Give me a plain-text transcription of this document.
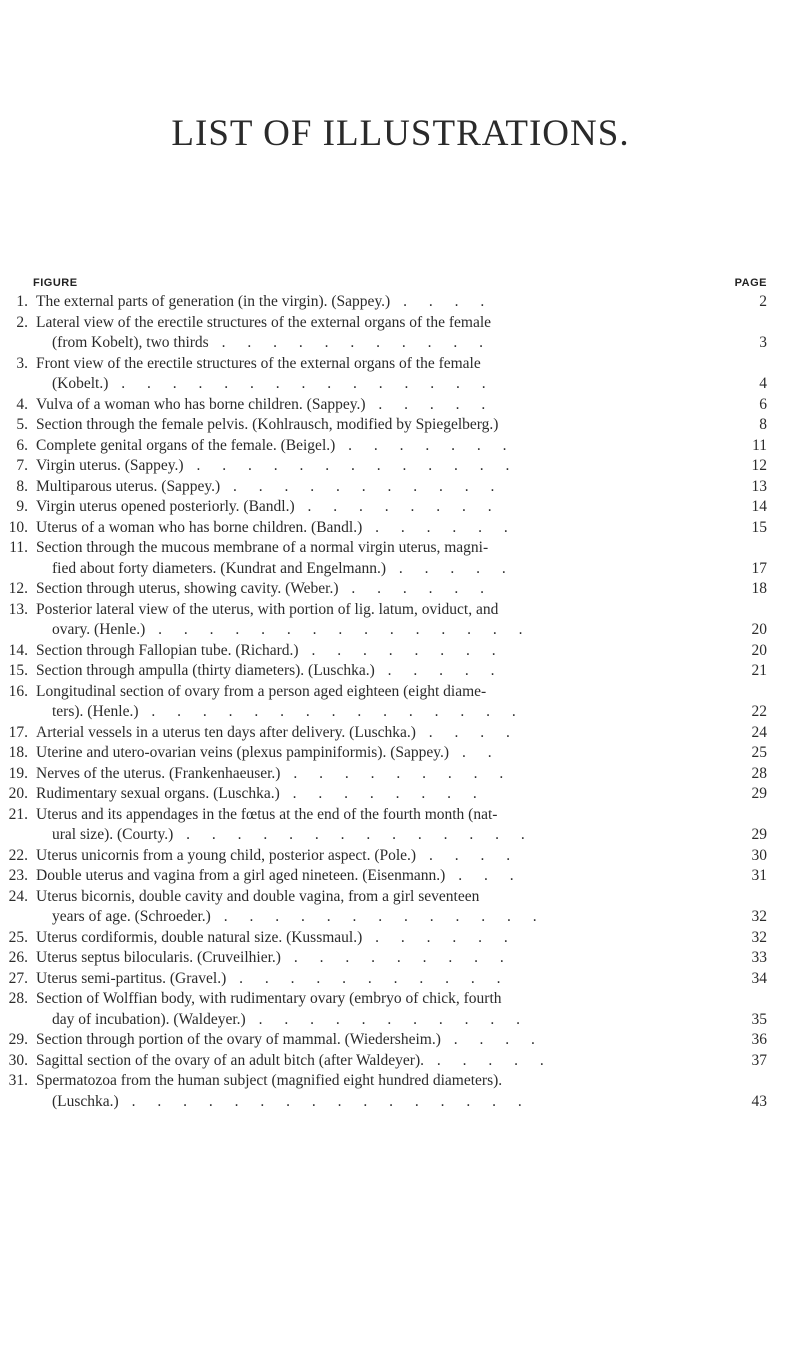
LIST OF ILLUSTRATIONS.
FIGURE	PAGE
1. The external parts of generation (in the virgin). (Sappey.) . . . .	2
2. Lateral view of the erectile structures of the external organs of the female
(from Kobelt), two thirds . . . . . . . . . . .	3
3. Front view of the erectile structures of the external organs of the female
(Kobelt.) . . . . . . . . . . . . . . .	4
4. Vulva of a woman who has borne children. (Sappey.) . . . . .	6
5. Section through the female pelvis. (Kohlrausch, modified by Spiegelberg.)	8
6. Complete genital organs of the female. (Beigel.) . . . . . . .	11
7. Virgin uterus. (Sappey.) . . . . . . . . . . . . .	12
8. Multiparous uterus. (Sappey.) . . . . . . . . . . .	13
9. Virgin uterus opened posteriorly. (Bandl.) . . . . . . . .	14
10. Uterus of a woman who has borne children. (Bandl.) . . . . . .	15
11. Section through the mucous membrane of a normal virgin uterus, magni-
fied about forty diameters. (Kundrat and Engelmann.) . . . . .	17
12. Section through uterus, showing cavity. (Weber.) . . . . . .	18
13. Posterior lateral view of the uterus, with portion of lig. latum, oviduct, and
ovary. (Henle.) . . . . . . . . . . . . . . .	20
14. Section through Fallopian tube. (Richard.) . . . . . . . .	20
15. Section through ampulla (thirty diameters). (Luschka.) . . . . .	21
16. Longitudinal section of ovary from a person aged eighteen (eight diame-
ters). (Henle.) . . . . . . . . . . . . . . .	22
17. Arterial vessels in a uterus ten days after delivery. (Luschka.) . . . .	24
18. Uterine and utero-ovarian veins (plexus pampiniformis). (Sappey.) . .	25
19. Nerves of the uterus. (Frankenhaeuser.) . . . . . . . . .	28
20. Rudimentary sexual organs. (Luschka.) . . . . . . . .	29
21. Uterus and its appendages in the fœtus at the end of the fourth month (nat-
ural size). (Courty.) . . . . . . . . . . . . . .	29
22. Uterus unicornis from a young child, posterior aspect. (Pole.) . . . .	30
23. Double uterus and vagina from a girl aged nineteen. (Eisenmann.) . . .	31
24. Uterus bicornis, double cavity and double vagina, from a girl seventeen
years of age. (Schroeder.) . . . . . . . . . . . . .	32
25. Uterus cordiformis, double natural size. (Kussmaul.) . . . . . .	32
26. Uterus septus bilocularis. (Cruveilhier.) . . . . . . . . .	33
27. Uterus semi-partitus. (Gravel.) . . . . . . . . . . .	34
28. Section of Wolffian body, with rudimentary ovary (embryo of chick, fourth
day of incubation). (Waldeyer.) . . . . . . . . . . .	35
29. Section through portion of the ovary of mammal. (Wiedersheim.) . . . .	36
30. Sagittal section of the ovary of an adult bitch (after Waldeyer). . . . . .	37
31. Spermatozoa from the human subject (magnified eight hundred diameters).
(Luschka.) . . . . . . . . . . . . . . . .	43
